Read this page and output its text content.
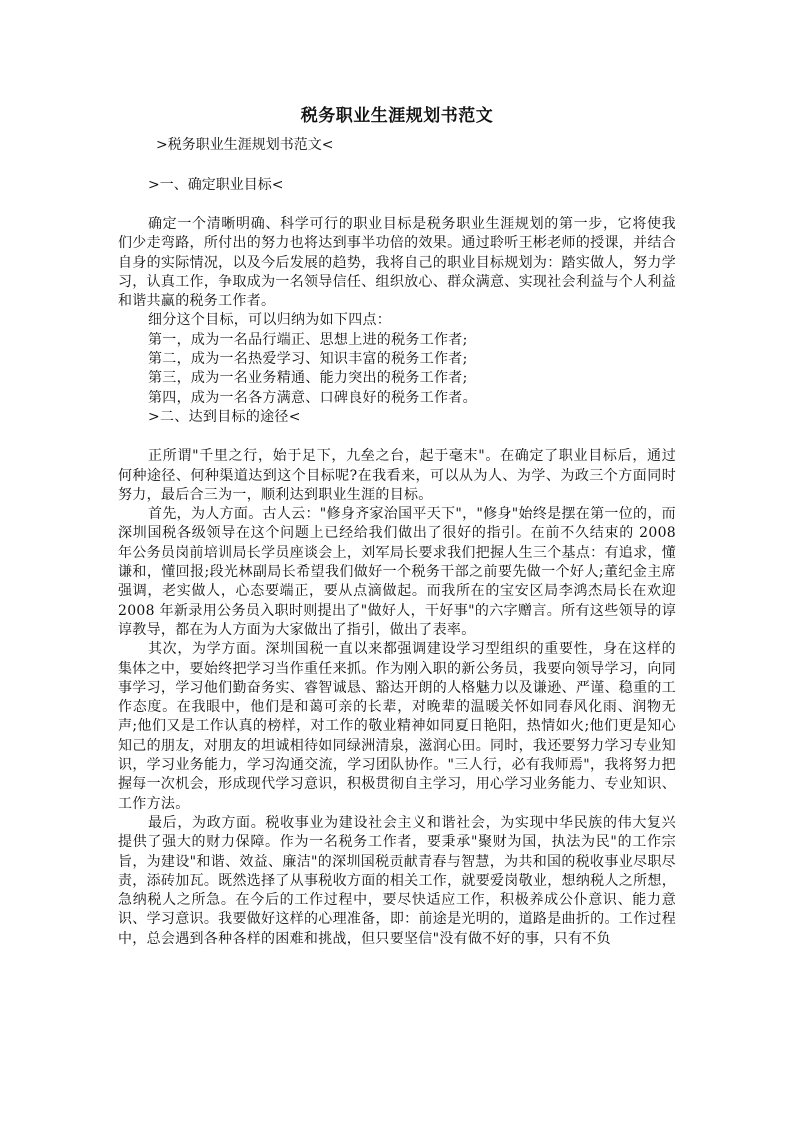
税务职业生涯规划书范文

>税务职业生涯规划书范文<

>一、确定职业目标<

确定一个清晰明确、科学可行的职业目标是税务职业生涯规划的第一步，它将使我们少走弯路，所付出的努力也将达到事半功倍的效果。通过聆听王彬老师的授课，并结合自身的实际情况，以及今后发展的趋势，我将自己的职业目标规划为：踏实做人，努力学习，认真工作，争取成为一名领导信任、组织放心、群众满意、实现社会利益与个人利益和谐共赢的税务工作者。

细分这个目标，可以归纳为如下四点：

第一，成为一名品行端正、思想上进的税务工作者;

第二，成为一名热爱学习、知识丰富的税务工作者;

第三，成为一名业务精通、能力突出的税务工作者;

第四，成为一名各方满意、口碑良好的税务工作者。

>二、达到目标的途径<

正所谓"千里之行，始于足下，九垒之台，起于毫末"。在确定了职业目标后，通过何种途径、何种渠道达到这个目标呢?在我看来，可以从为人、为学、为政三个方面同时努力，最后合三为一，顺利达到职业生涯的目标。

首先，为人方面。古人云："修身齐家治国平天下"，"修身"始终是摆在第一位的，而深圳国税各级领导在这个问题上已经给我们做出了很好的指引。在前不久结束的 2008 年公务员岗前培训局长学员座谈会上，刘军局长要求我们把握人生三个基点：有追求，懂谦和，懂回报;段光林副局长希望我们做好一个税务干部之前要先做一个好人;董纪金主席强调，老实做人，心态要端正，要从点滴做起。而我所在的宝安区局李鸿杰局长在欢迎 2008 年新录用公务员入职时则提出了"做好人，干好事"的六字赠言。所有这些领导的谆谆教导，都在为人方面为大家做出了指引，做出了表率。

其次，为学方面。深圳国税一直以来都强调建设学习型组织的重要性，身在这样的集体之中，要始终把学习当作重任来抓。作为刚入职的新公务员，我要向领导学习，向同事学习，学习他们勤奋务实、睿智诚恳、豁达开朗的人格魅力以及谦逊、严谨、稳重的工作态度。在我眼中，他们是和蔼可亲的长辈，对晚辈的温暖关怀如同春风化雨、润物无声;他们又是工作认真的榜样，对工作的敬业精神如同夏日艳阳，热情如火;他们更是知心知己的朋友，对朋友的坦诚相待如同绿洲清泉，滋润心田。同时，我还要努力学习专业知识，学习业务能力，学习沟通交流，学习团队协作。"三人行，必有我师焉"，我将努力把握每一次机会，形成现代学习意识，积极贯彻自主学习，用心学习业务能力、专业知识、工作方法。

最后，为政方面。税收事业为建设社会主义和谐社会，为实现中华民族的伟大复兴提供了强大的财力保障。作为一名税务工作者，要秉承"聚财为国，执法为民"的工作宗旨，为建设"和谐、效益、廉洁"的深圳国税贡献青春与智慧，为共和国的税收事业尽职尽责，添砖加瓦。既然选择了从事税收方面的相关工作，就要爱岗敬业，想纳税人之所想，急纳税人之所急。在今后的工作过程中，要尽快适应工作，积极养成公仆意识、能力意识、学习意识。我要做好这样的心理准备，即：前途是光明的，道路是曲折的。工作过程中，总会遇到各种各样的困难和挑战，但只要坚信"没有做不好的事，只有不负
